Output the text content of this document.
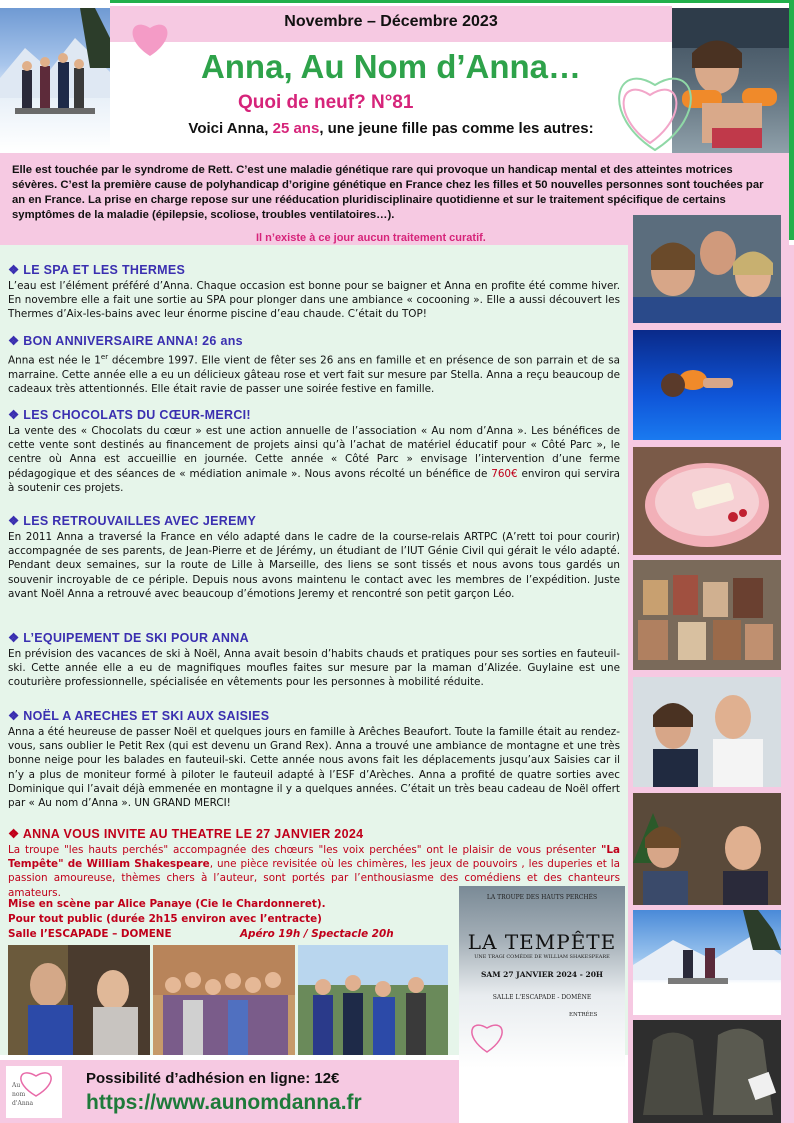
Novembre – Décembre 2023
Anna, Au Nom d’Anna…
Quoi de neuf? N°81
Voici Anna, 25 ans, une jeune fille pas comme les autres:
Elle est touchée par le syndrome de Rett. C’est une maladie génétique rare qui provoque un handicap mental et des atteintes motrices sévères. C’est la première cause de polyhandicap d’origine génétique en France chez les filles et 50 nouvelles personnes sont touchées par an en France. La prise en charge repose sur une rééducation pluridisciplinaire quotidienne et sur le traitement spécifique de certains symptômes de la maladie (épilepsie, scoliose, troubles ventilatoires…).
Il n’existe à ce jour aucun traitement curatif.
❖ LE SPA ET LES THERMES
L’eau est l’élément préféré d’Anna. Chaque occasion est bonne pour se baigner et Anna en profite été comme hiver. En novembre elle a fait une sortie au SPA pour plonger dans une ambiance « cocooning ». Elle a aussi découvert les Thermes d’Aix-les-bains avec leur énorme piscine d’eau chaude. C’était du TOP!
❖ BON ANNIVERSAIRE ANNA! 26 ans
Anna est née le 1er décembre 1997. Elle vient de fêter ses 26 ans en famille et en présence de son parrain et de sa marraine. Cette année elle a eu un délicieux gâteau rose et vert fait sur mesure par Stella. Anna a reçu beaucoup de cadeaux très attentionnés. Elle était ravie de passer une soirée festive en famille.
❖ LES CHOCOLATS DU CŒUR-MERCI!
La vente des « Chocolats du cœur » est une action annuelle de l’association « Au nom d’Anna ». Les bénéfices de cette vente sont destinés au financement de projets ainsi qu’à l’achat de matériel éducatif pour « Côté Parc », le centre où Anna est accueillie en journée. Cette année « Côté Parc » envisage l’intervention d’une ferme pédagogique et des séances de « médiation animale ». Nous avons récolté un bénéfice de 760€ environ qui servira à soutenir ces projets.
❖ LES RETROUVAILLES AVEC JEREMY
En 2011 Anna a traversé la France en vélo adapté dans le cadre de la course-relais ARTPC (A’rett toi pour courir) accompagnée de ses parents, de Jean-Pierre et de Jérémy, un étudiant de l’IUT Génie Civil qui gérait le vélo adapté. Pendant deux semaines, sur la route de Lille à Marseille, des liens se sont tissés et nous avons tous gardés un souvenir incroyable de ce périple. Depuis nous avons maintenu le contact avec les membres de l’expédition. Juste avant Noël Anna a retrouvé avec beaucoup d’émotions Jeremy et rencontré son petit garçon Léo.
❖ L’EQUIPEMENT DE SKI POUR ANNA
En prévision des vacances de ski à Noël, Anna avait besoin d’habits chauds et pratiques pour ses sorties en fauteuil-ski. Cette année elle a eu de magnifiques moufles faites sur mesure par la maman d’Alizée. Guylaine est une couturière professionnelle, spécialisée en vêtements pour les personnes à mobilité réduite.
❖ NOËL A ARECHES ET SKI AUX SAISIES
Anna a été heureuse de passer Noël et quelques jours en famille à Arêches Beaufort. Toute la famille était au rendez-vous, sans oublier le Petit Rex (qui est devenu un Grand Rex). Anna a trouvé une ambiance de montagne et une très bonne neige pour les balades en fauteuil-ski. Cette année nous avons fait les déplacements jusqu’aux Saisies car il n’y a plus de moniteur formé à piloter le fauteuil adapté à l’ESF d’Arèches. Anna a profité de quatre sorties avec Dominique qui l’avait déjà emmenée en montagne il y a quelques années. C’était un très beau cadeau de Noël offert par « Au nom d’Anna ». UN GRAND MERCI!
❖ ANNA VOUS INVITE AU THEATRE LE 27 JANVIER 2024
La troupe "les hauts perchés" accompagnée des chœurs "les voix perchées" ont le plaisir de vous présenter "La Tempête" de William Shakespeare, une pièce revisitée où les chimères, les jeux de pouvoirs , les duperies et la passion amoureuse, thèmes chers à l’auteur, sont portés par l’enthousiasme des comédiens et des chanteurs amateurs.
Mise en scène par Alice Panaye (Cie le Chardonneret).
Pour tout public (durée 2h15 environ avec l’entracte)
Salle l’ESCAPADE – DOMENE	Apéro 19h / Spectacle 20h
LA TROUPE DES HAUTS PERCHÉS
LA TEMPÊTE
UNE TRAGI COMÉDIE DE WILLIAM SHAKESPEARE
SAM 27 JANVIER 2024 - 20H
SALLE L'ESCAPADE - DOMÈNE
ENTRÉES
Au
nom
d'Anna
Possibilité d’adhésion en ligne: 12€
https://www.aunomdanna.fr
